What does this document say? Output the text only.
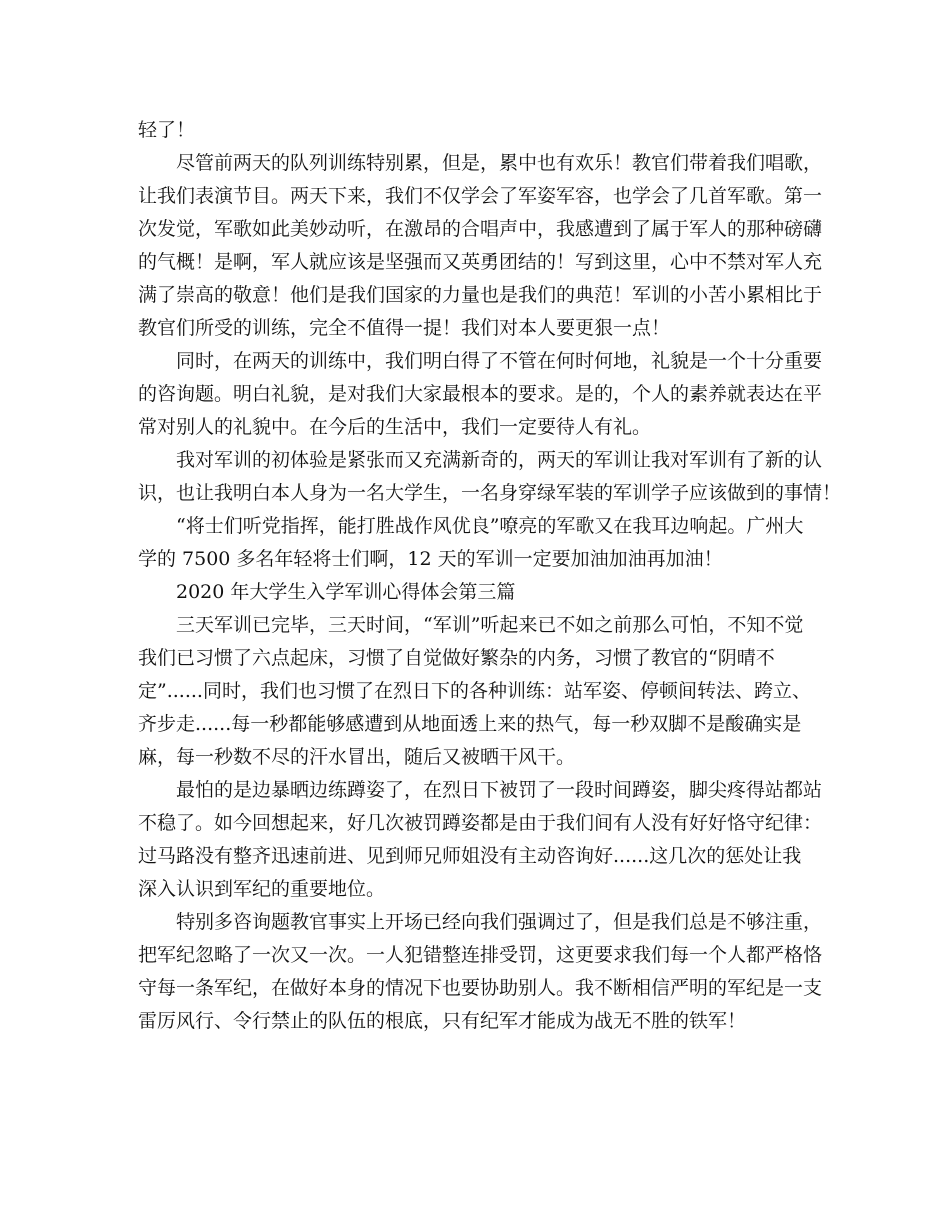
轻了！
尽管前两天的队列训练特别累，但是，累中也有欢乐！教官们带着我们唱歌，
让我们表演节目。两天下来，我们不仅学会了军姿军容，也学会了几首军歌。第一
次发觉，军歌如此美妙动听，在激昂的合唱声中，我感遭到了属于军人的那种磅礴
的气概！是啊，军人就应该是坚强而又英勇团结的！写到这里，心中不禁对军人充
满了崇高的敬意！他们是我们国家的力量也是我们的典范！军训的小苦小累相比于
教官们所受的训练，完全不值得一提！我们对本人要更狠一点！
同时，在两天的训练中，我们明白得了不管在何时何地，礼貌是一个十分重要
的咨询题。明白礼貌，是对我们大家最根本的要求。是的，个人的素养就表达在平
常对别人的礼貌中。在今后的生活中，我们一定要待人有礼。
我对军训的初体验是紧张而又充满新奇的，两天的军训让我对军训有了新的认
识，也让我明白本人身为一名大学生，一名身穿绿军装的军训学子应该做到的事情！
“将士们听党指挥，能打胜战作风优良”嘹亮的军歌又在我耳边响起。广州大
学的 7500 多名年轻将士们啊，12 天的军训一定要加油加油再加油！
2020 年大学生入学军训心得体会第三篇
三天军训已完毕，三天时间，“军训”听起来已不如之前那么可怕，不知不觉
我们已习惯了六点起床，习惯了自觉做好繁杂的内务，习惯了教官的“阴晴不
定”......同时，我们也习惯了在烈日下的各种训练：站军姿、停顿间转法、跨立、
齐步走......每一秒都能够感遭到从地面透上来的热气，每一秒双脚不是酸确实是
麻，每一秒数不尽的汗水冒出，随后又被晒干风干。
最怕的是边暴晒边练蹲姿了，在烈日下被罚了一段时间蹲姿，脚尖疼得站都站
不稳了。如今回想起来，好几次被罚蹲姿都是由于我们间有人没有好好恪守纪律：
过马路没有整齐迅速前进、见到师兄师姐没有主动咨询好......这几次的惩处让我
深入认识到军纪的重要地位。
特别多咨询题教官事实上开场已经向我们强调过了，但是我们总是不够注重，
把军纪忽略了一次又一次。一人犯错整连排受罚，这更要求我们每一个人都严格恪
守每一条军纪，在做好本身的情况下也要协助别人。我不断相信严明的军纪是一支
雷厉风行、令行禁止的队伍的根底，只有纪军才能成为战无不胜的铁军！
